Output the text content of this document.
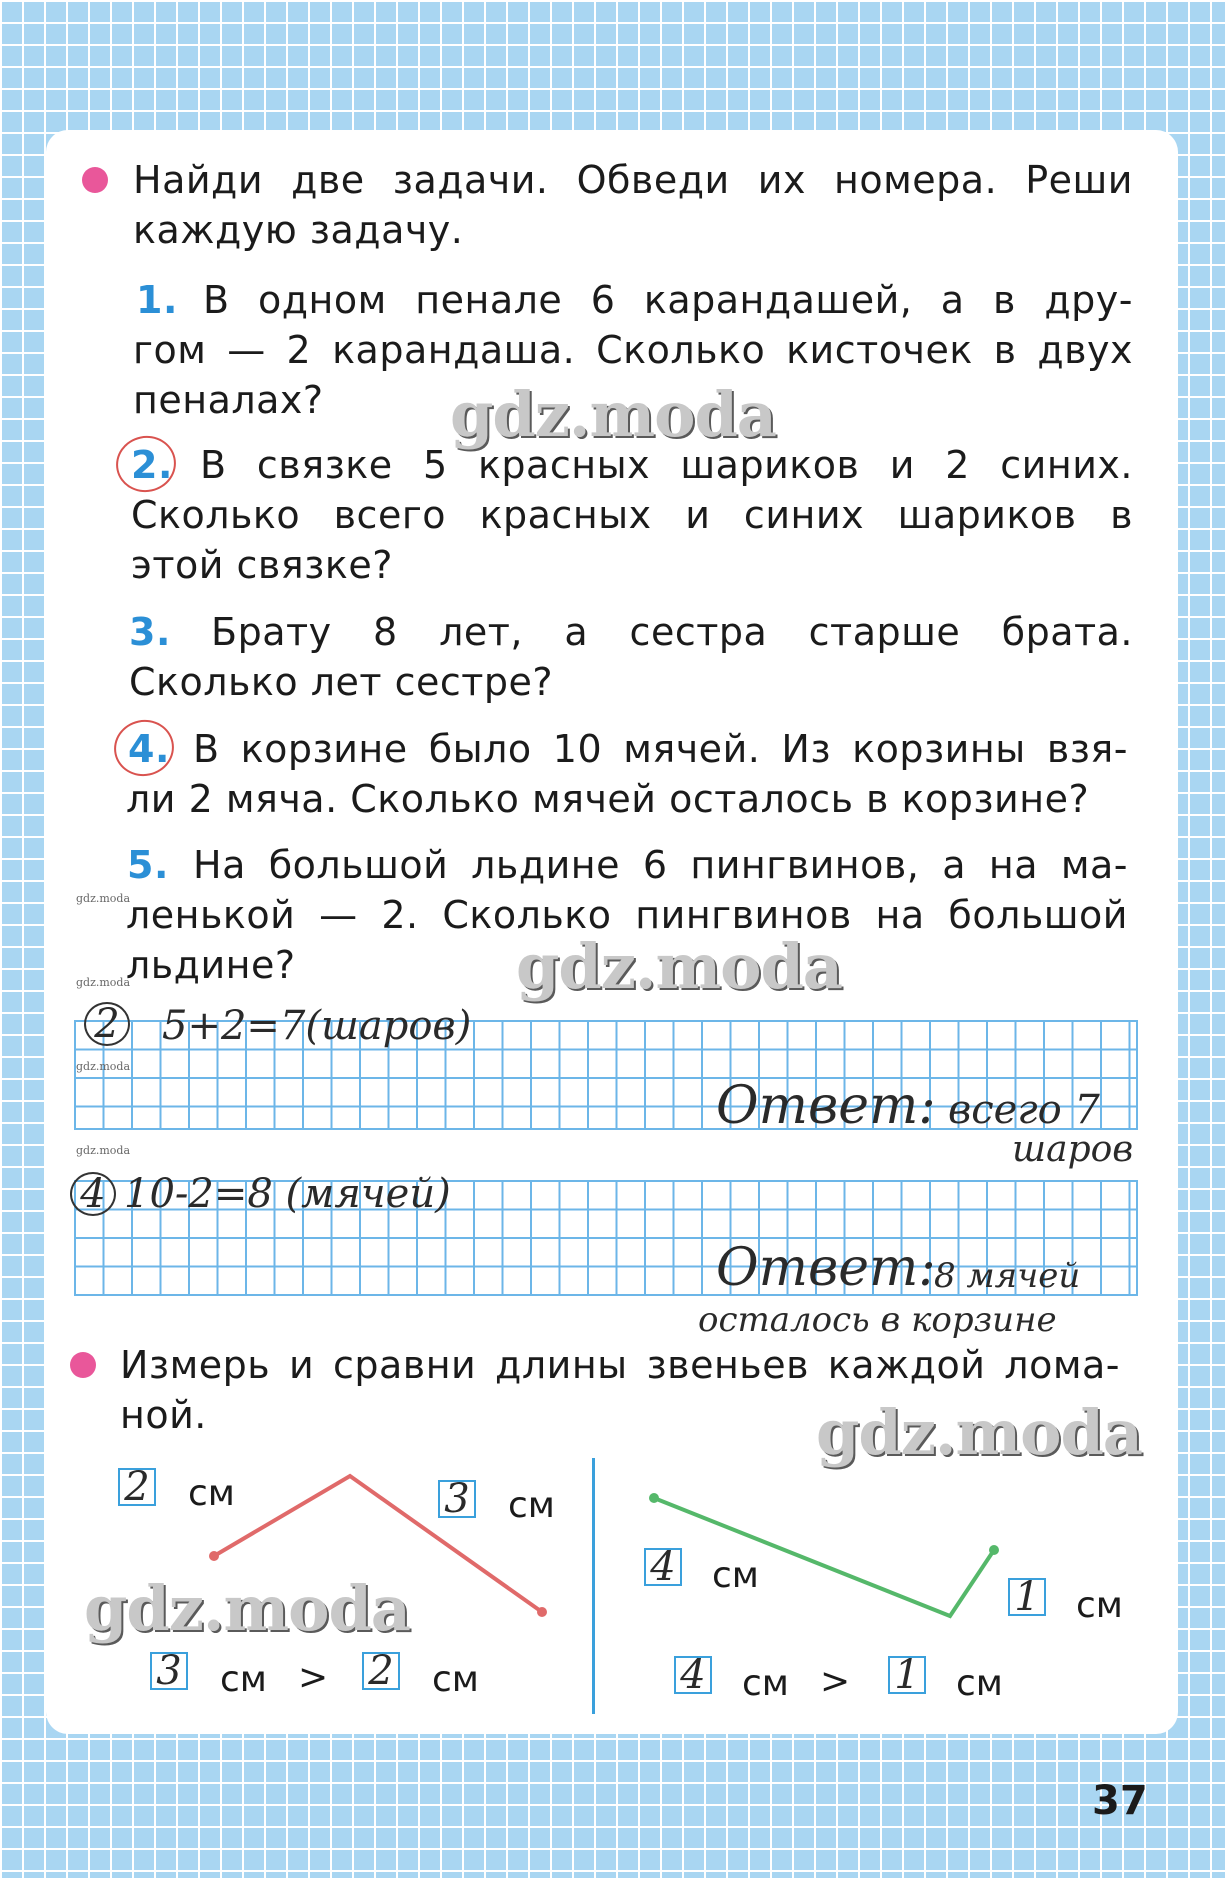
Найди две задачи. Обведи их номера. Реши
каждую задачу.
1. В одном пенале 6 карандашей, а в дру-
гом — 2 карандаша. Сколько кисточек в двух
пеналах?
2. В связке 5 красных шариков и 2 синих.
Сколько всего красных и синих шариков в
этой связке?
3. Брату 8 лет, а сестра старше брата.
Сколько лет сестре?
4. В корзине было 10 мячей. Из корзины взя-
ли 2 мяча. Сколько мячей осталось в корзине?
5. На большой льдине 6 пингвинов, а на ма-
ленькой — 2. Сколько пингвинов на большой
льдине?
2 5+2=7(шаров)
Ответ: всего 7
шаров
4 10-2=8 (мячей)
Ответ:
8 мячей
осталось в корзине
Измерь и сравни длины звеньев каждой лома-
ной.
2 см	3 см
3 см > 2 см
4 см	1 см
4 см > 1 см
gdz.moda
gdz.moda
gdz.moda
gdz.moda
gdz.moda
gdz.moda
gdz.moda
gdz.moda
37
